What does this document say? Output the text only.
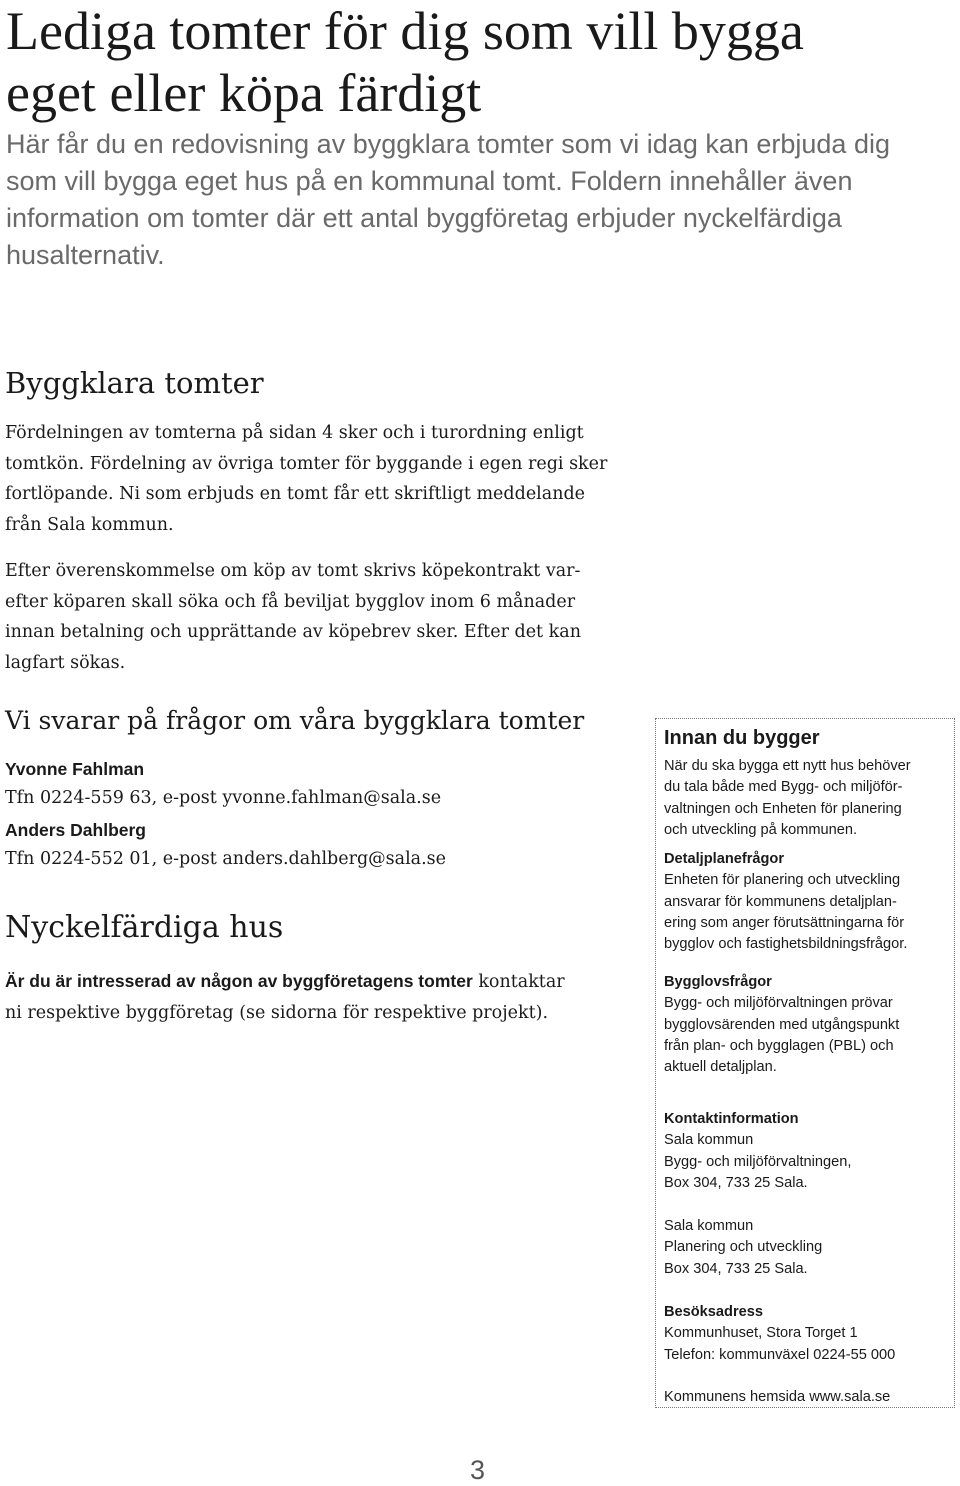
Lediga tomter för dig som vill bygga
eget eller köpa färdigt
Här får du en redovisning av byggklara tomter som vi idag kan erbjuda dig
som vill bygga eget hus på en kommunal tomt. Foldern innehåller även
information om tomter där ett antal byggföretag erbjuder nyckelfärdiga
husalternativ.
Byggklara tomter
Fördelningen av tomterna på sidan 4 sker och i turordning enligt
tomtkön. Fördelning av övriga tomter för byggande i egen regi sker
fortlöpande. Ni som erbjuds en tomt får ett skriftligt meddelande
från Sala kommun.
Efter överenskommelse om köp av tomt skrivs köpekontrakt var-
efter köparen skall söka och få beviljat bygglov inom 6 månader
innan betalning och upprättande av köpebrev sker. Efter det kan
lagfart sökas.
Vi svarar på frågor om våra byggklara tomter
Yvonne Fahlman
Tfn 0224-559 63, e-post yvonne.fahlman@sala.se
Anders Dahlberg
Tfn 0224-552 01, e-post anders.dahlberg@sala.se
Nyckelfärdiga hus
Är du är intresserad av någon av byggföretagens tomter kontaktar
ni respektive byggföretag (se sidorna för respektive projekt).
Innan du bygger
När du ska bygga ett nytt hus behöver
du tala både med Bygg- och miljöför-
valtningen och Enheten för planering
och utveckling på kommunen.
Detaljplanefrågor
Enheten för planering och utveckling
ansvarar för kommunens detaljplan-
ering som anger förutsättningarna för
bygglov och fastighetsbildningsfrågor.
Bygglovsfrågor
Bygg- och miljöförvaltningen prövar
bygglovsärenden med utgångspunkt
från plan- och bygglagen (PBL) och
aktuell detaljplan.
Kontaktinformation
Sala kommun
Bygg- och miljöförvaltningen,
Box 304, 733 25 Sala.
Sala kommun
Planering och utveckling
Box 304, 733 25 Sala.
Besöksadress
Kommunhuset, Stora Torget 1
Telefon: kommunväxel 0224-55 000
Kommunens hemsida www.sala.se
3
